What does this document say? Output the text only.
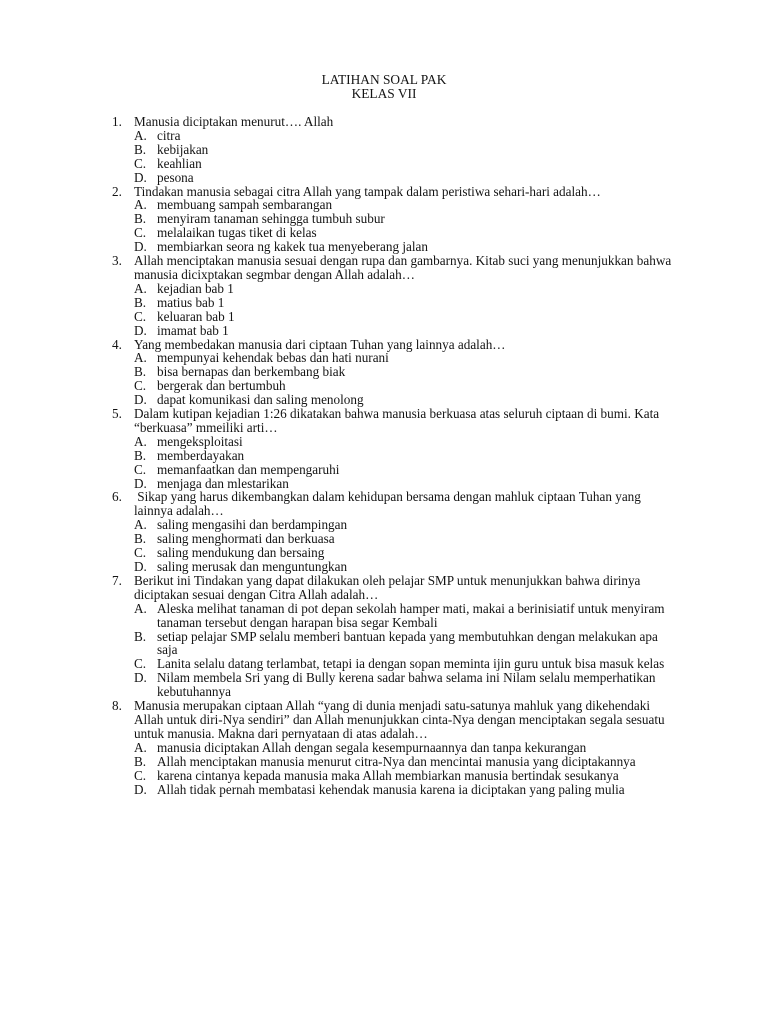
LATIHAN SOAL PAK
KELAS VII
1. Manusia diciptakan menurut…. Allah
A. citra
B. kebijakan
C. keahlian
D. pesona
2. Tindakan manusia sebagai citra Allah yang tampak dalam peristiwa sehari-hari adalah…
A. membuang sampah sembarangan
B. menyiram tanaman sehingga tumbuh subur
C. melalaikan tugas tiket di kelas
D. membiarkan seora ng kakek tua menyeberang jalan
3. Allah menciptakan manusia sesuai dengan rupa dan gambarnya. Kitab suci yang menunjukkan bahwa manusia dicixptakan segmbar dengan Allah adalah…
A. kejadian bab 1
B. matius bab 1
C. keluaran bab 1
D. imamat bab 1
4. Yang membedakan manusia dari ciptaan Tuhan yang lainnya adalah…
A. mempunyai kehendak bebas dan hati nurani
B. bisa bernapas dan berkembang biak
C. bergerak dan bertumbuh
D. dapat komunikasi dan saling menolong
5. Dalam kutipan kejadian 1:26 dikatakan bahwa manusia berkuasa atas seluruh ciptaan di bumi. Kata “berkuasa” mmeiliki arti…
A. mengeksploitasi
B. memberdayakan
C. memanfaatkan dan mempengaruhi
D. menjaga dan mlestarikan
6. Sikap yang harus dikembangkan dalam kehidupan bersama dengan mahluk ciptaan Tuhan yang lainnya adalah…
A. saling mengasihi dan berdampingan
B. saling menghormati dan berkuasa
C. saling mendukung dan bersaing
D. saling merusak dan menguntungkan
7. Berikut ini Tindakan yang dapat dilakukan oleh pelajar SMP untuk menunjukkan bahwa dirinya diciptakan sesuai dengan Citra Allah adalah…
A. Aleska melihat tanaman di pot depan sekolah hamper mati, makai a berinisiatif untuk menyiram tanaman tersebut dengan harapan bisa segar Kembali
B. setiap pelajar SMP selalu memberi bantuan kepada yang membutuhkan dengan melakukan apa saja
C. Lanita selalu datang terlambat, tetapi ia dengan sopan meminta ijin guru untuk bisa masuk kelas
D. Nilam membela Sri yang di Bully kerena sadar bahwa selama ini Nilam selalu memperhatikan kebutuhannya
8. Manusia merupakan ciptaan Allah “yang di dunia menjadi satu-satunya mahluk yang dikehendaki Allah untuk diri-Nya sendiri” dan Allah menunjukkan cinta-Nya dengan menciptakan segala sesuatu untuk manusia. Makna dari pernyataan di atas adalah…
A. manusia diciptakan Allah dengan segala kesempurnaannya dan tanpa kekurangan
B. Allah menciptakan manusia menurut citra-Nya dan mencintai manusia yang diciptakannya
C. karena cintanya kepada manusia maka Allah membiarkan manusia bertindak sesukanya
D. Allah tidak pernah membatasi kehendak manusia karena ia diciptakan yang paling mulia
